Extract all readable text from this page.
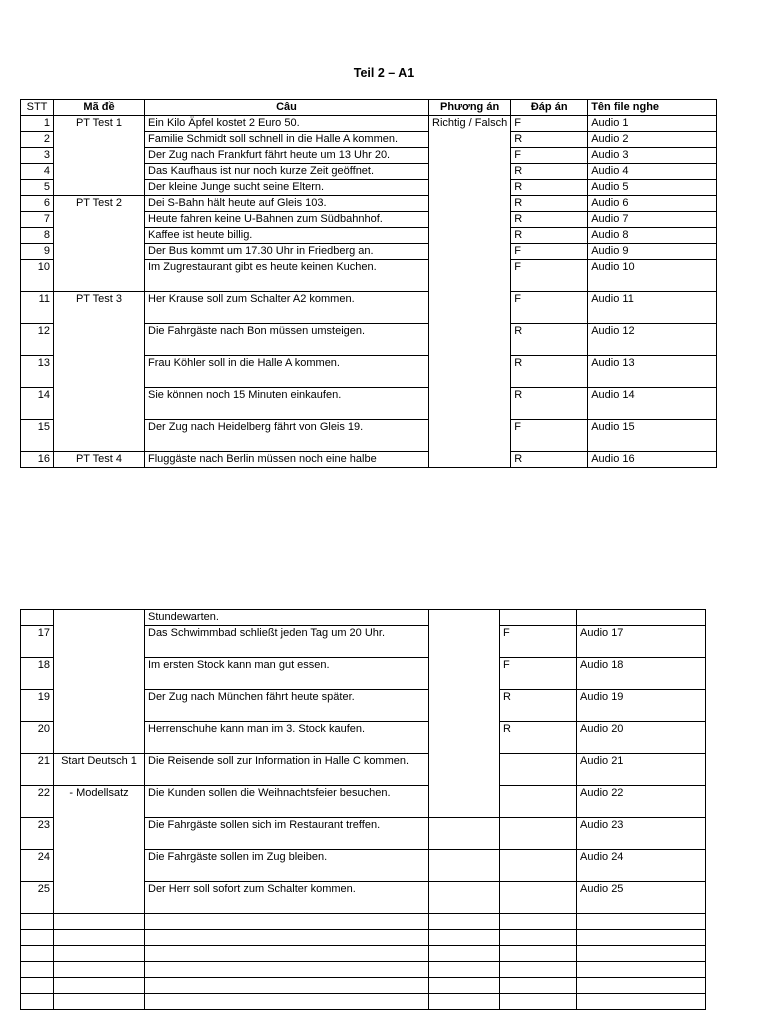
Teil 2 – A1
STT	Mã đề	Câu	Phương án	Đáp án	Tên file nghe
1	PT Test 1	Ein Kilo Äpfel kostet 2 Euro 50.	Richtig / Falsch	F	Audio 1
2		Familie Schmidt soll schnell in die Halle A kommen.		R	Audio 2
3		Der Zug nach Frankfurt fährt heute um 13 Uhr 20.		F	Audio 3
4		Das Kaufhaus ist nur noch kurze Zeit geöffnet.		R	Audio 4
5		Der kleine Junge sucht seine Eltern.		R	Audio 5
6	PT Test 2	Dei S-Bahn hält heute auf Gleis 103.		R	Audio 6
7		Heute fahren keine U-Bahnen zum Südbahnhof.		R	Audio 7
8		Kaffee ist heute billig.		R	Audio 8
9		Der Bus kommt um 17.30 Uhr in Friedberg an.		F	Audio 9
10		Im Zugrestaurant gibt es heute keinen Kuchen.		F	Audio 10
11	PT Test 3	Her Krause soll zum Schalter A2 kommen.		F	Audio 11
12		Die Fahrgäste nach Bon müssen umsteigen.		R	Audio 12
13		Frau Köhler soll in die Halle A kommen.		R	Audio 13
14		Sie können noch 15 Minuten einkaufen.		R	Audio 14
15		Der Zug nach Heidelberg fährt von Gleis 19.		F	Audio 15
16	PT Test 4	Fluggäste nach Berlin müssen noch eine halbe		R	Audio 16
		Stundewarten.			
17		Das Schwimmbad schließt jeden Tag um 20 Uhr.		F	Audio 17
18		Im ersten Stock kann man gut essen.		F	Audio 18
19		Der Zug nach München fährt heute später.		R	Audio 19
20		Herrenschuhe kann man im 3. Stock kaufen.		R	Audio 20
21	Start Deutsch 1	Die Reisende soll zur Information in Halle C kommen.			Audio 21
22	- Modellsatz	Die Kunden sollen die Weihnachtsfeier besuchen.			Audio 22
23		Die Fahrgäste sollen sich im Restaurant treffen.			Audio 23
24		Die Fahrgäste sollen im Zug bleiben.			Audio 24
25		Der Herr soll sofort zum Schalter kommen.			Audio 25
